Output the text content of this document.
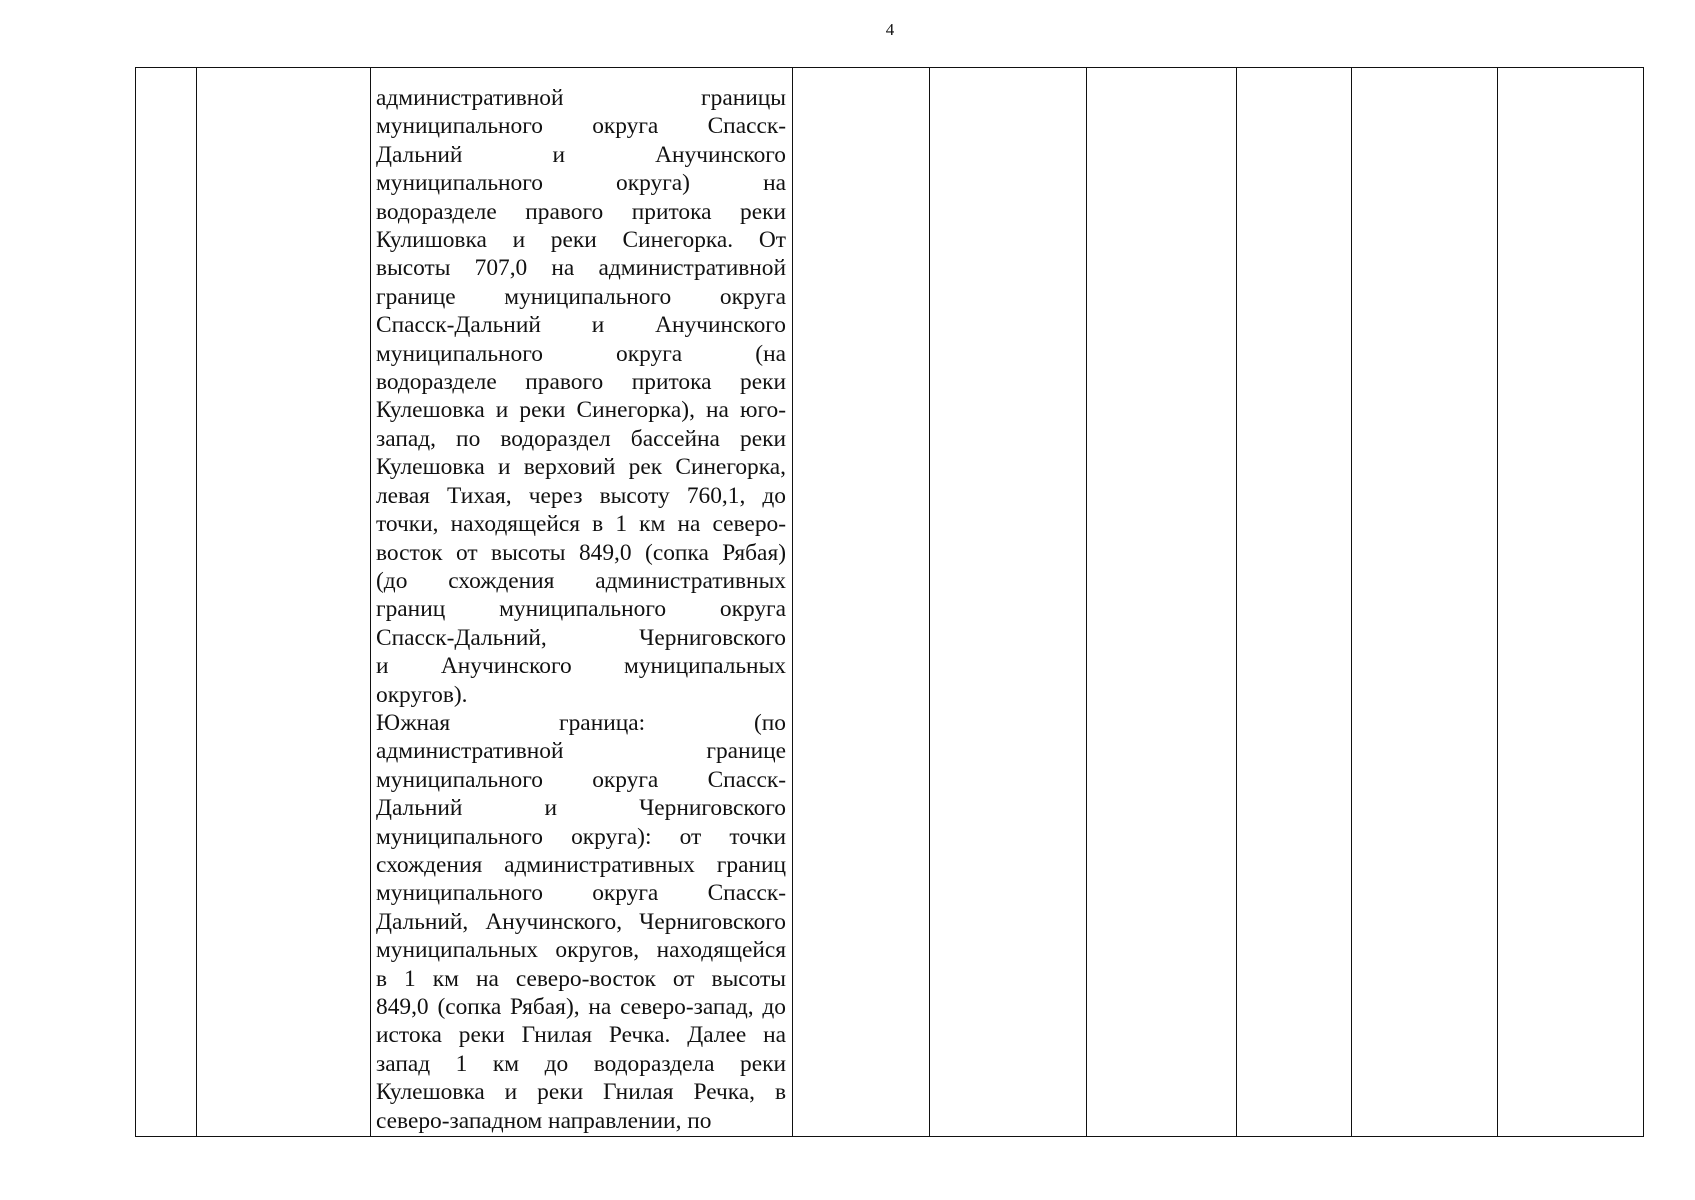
4

административной границы
муниципального округа Спасск-
Дальний и Анучинского
муниципального округа) на
водоразделе правого притока реки
Кулишовка и реки Синегорка. От
высоты 707,0 на административной
границе муниципального округа
Спасск-Дальний и Анучинского
муниципального округа (на
водоразделе правого притока реки
Кулешовка и реки Синегорка), на юго-
запад, по водораздел бассейна реки
Кулешовка и верховий рек Синегорка,
левая Тихая, через высоту 760,1, до
точки, находящейся в 1 км на северо-
восток от высоты 849,0 (сопка Рябая)
(до схождения административных
границ муниципального округа
Спасск-Дальний, Черниговского
и Анучинского муниципальных
округов).
Южная граница: (по
административной границе
муниципального округа Спасск-
Дальний и Черниговского
муниципального округа): от точки
схождения административных границ
муниципального округа Спасск-
Дальний, Анучинского, Черниговского
муниципальных округов, находящейся
в 1 км на северо-восток от высоты
849,0 (сопка Рябая), на северо-запад, до
истока реки Гнилая Речка. Далее на
запад 1 км до водораздела реки
Кулешовка и реки Гнилая Речка, в
северо-западном направлении, по
